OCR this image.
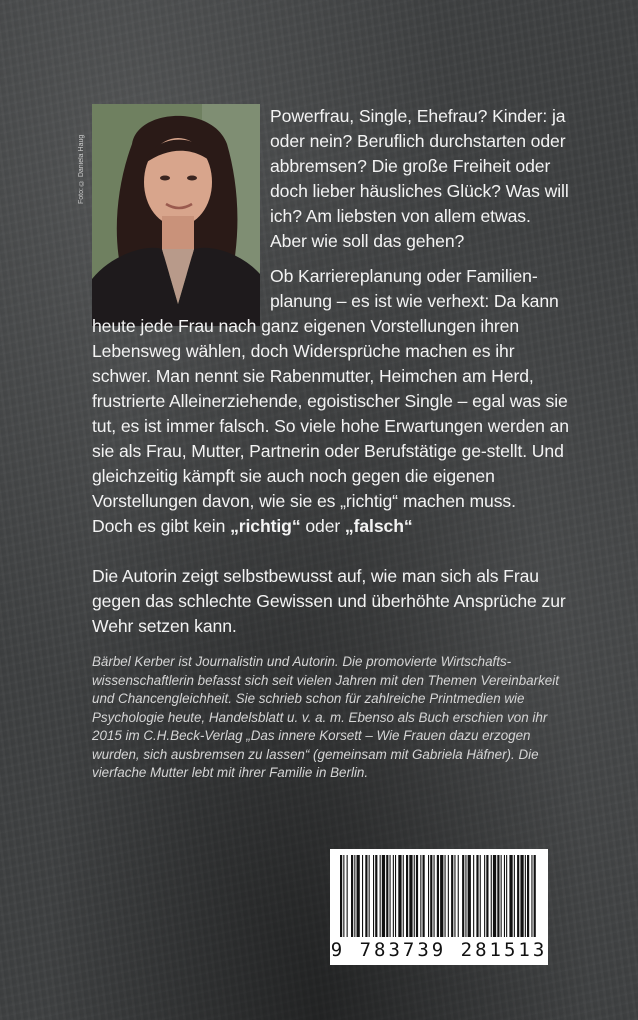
Foto: © Daniela Haug

Powerfrau, Single, Ehefrau? Kinder: ja oder nein? Beruflich durchstarten oder abbremsen? Die große Freiheit oder doch lieber häusliches Glück? Was will ich? Am liebsten von allem etwas. Aber wie soll das gehen?

Ob Karriereplanung oder Familien-planung – es ist wie verhext: Da kann

heute jede Frau nach ganz eigenen Vorstellungen ihren Lebensweg wählen, doch Widersprüche machen es ihr schwer. Man nennt sie Rabenmutter, Heimchen am Herd, frustrierte Alleinerziehende, egoistischer Single – egal was sie tut, es ist immer falsch. So viele hohe Erwartungen werden an sie als Frau, Mutter, Partnerin oder Berufstätige ge-stellt. Und gleichzeitig kämpft sie auch noch gegen die eigenen Vorstellungen davon, wie sie es „richtig“ machen muss.

Doch es gibt kein „richtig“ oder „falsch“

Die Autorin zeigt selbstbewusst auf, wie man sich als Frau gegen das schlechte Gewissen und überhöhte Ansprüche zur Wehr setzen kann.

Bärbel Kerber ist Journalistin und Autorin. Die promovierte Wirtschafts-wissenschaftlerin befasst sich seit vielen Jahren mit den Themen Vereinbarkeit und Chancengleichheit. Sie schrieb schon für zahlreiche Printmedien wie Psychologie heute, Handelsblatt u. v. a. m. Ebenso als Buch erschien von ihr 2015 im C.H.Beck-Verlag „Das innere Korsett – Wie Frauen dazu erzogen wurden, sich ausbremsen zu lassen“ (gemeinsam mit Gabriela Häfner). Die vierfache Mutter lebt mit ihrer Familie in Berlin.

9 783739 281513
